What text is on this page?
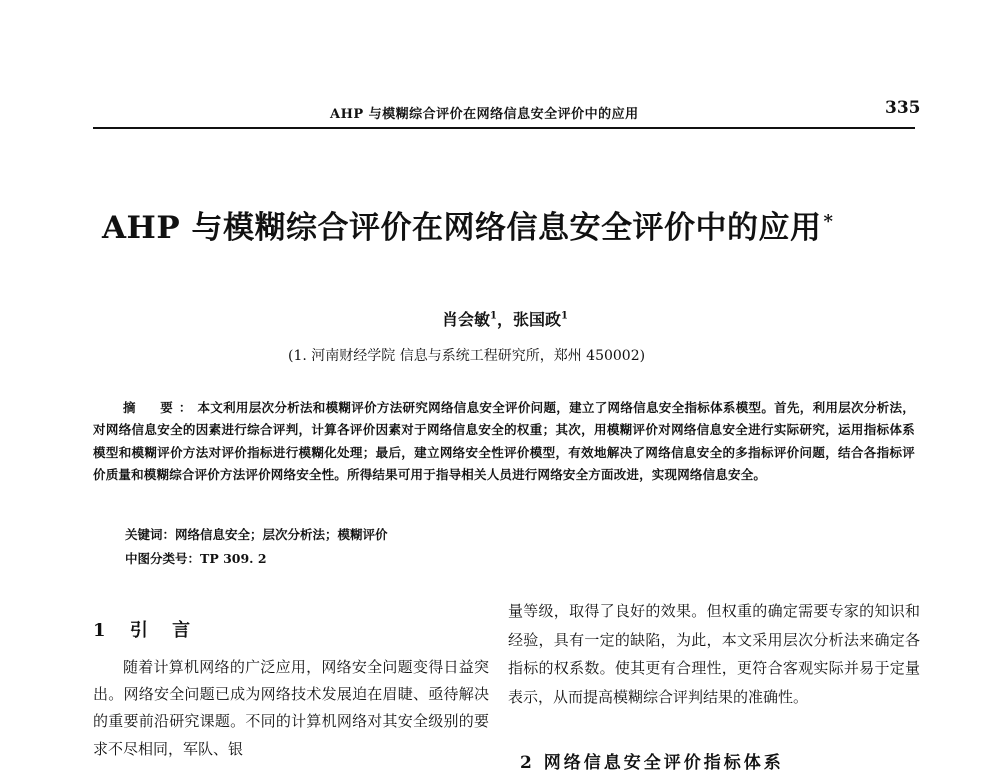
AHP 与模糊综合评价在网络信息安全评价中的应用	335
AHP 与模糊综合评价在网络信息安全评价中的应用 *
肖会敏$^1$，张国政$^1$
(1. 河南财经学院 信息与系统工程研究所，郑州 450002)
摘　要：本文利用层次分析法和模糊评价方法研究网络信息安全评价问题，建立了网络信息安全指标体系模型。首先，利用层次分析法，对网络信息安全的因素进行综合评判，计算各评价因素对于网络信息安全的权重；其次，用模糊评价对网络信息安全进行实际研究，运用指标体系模型和模糊评价方法对评价指标进行模糊化处理；最后，建立网络安全性评价模型，有效地解决了网络信息安全的多指标评价问题，结合各指标评价质量和模糊综合评价方法评价网络安全性。所得结果可用于指导相关人员进行网络安全方面改进，实现网络信息安全。
关键词：网络信息安全；层次分析法；模糊评价
中图分类号：TP 309. 2
1 引 言
随着计算机网络的广泛应用，网络安全问题变得日益突出。网络安全问题已成为网络技术发展迫在眉睫、亟待解决的重要前沿研究课题。不同的计算机网络对其安全级别的要求不尽相同，军队、银
量等级，取得了良好的效果。但权重的确定需要专家的知识和经验，具有一定的缺陷，为此，本文采用层次分析法来确定各指标的权系数。使其更有合理性，更符合客观实际并易于定量表示，从而提高模糊综合评判结果的准确性。
2 网络信息安全评价指标体系
